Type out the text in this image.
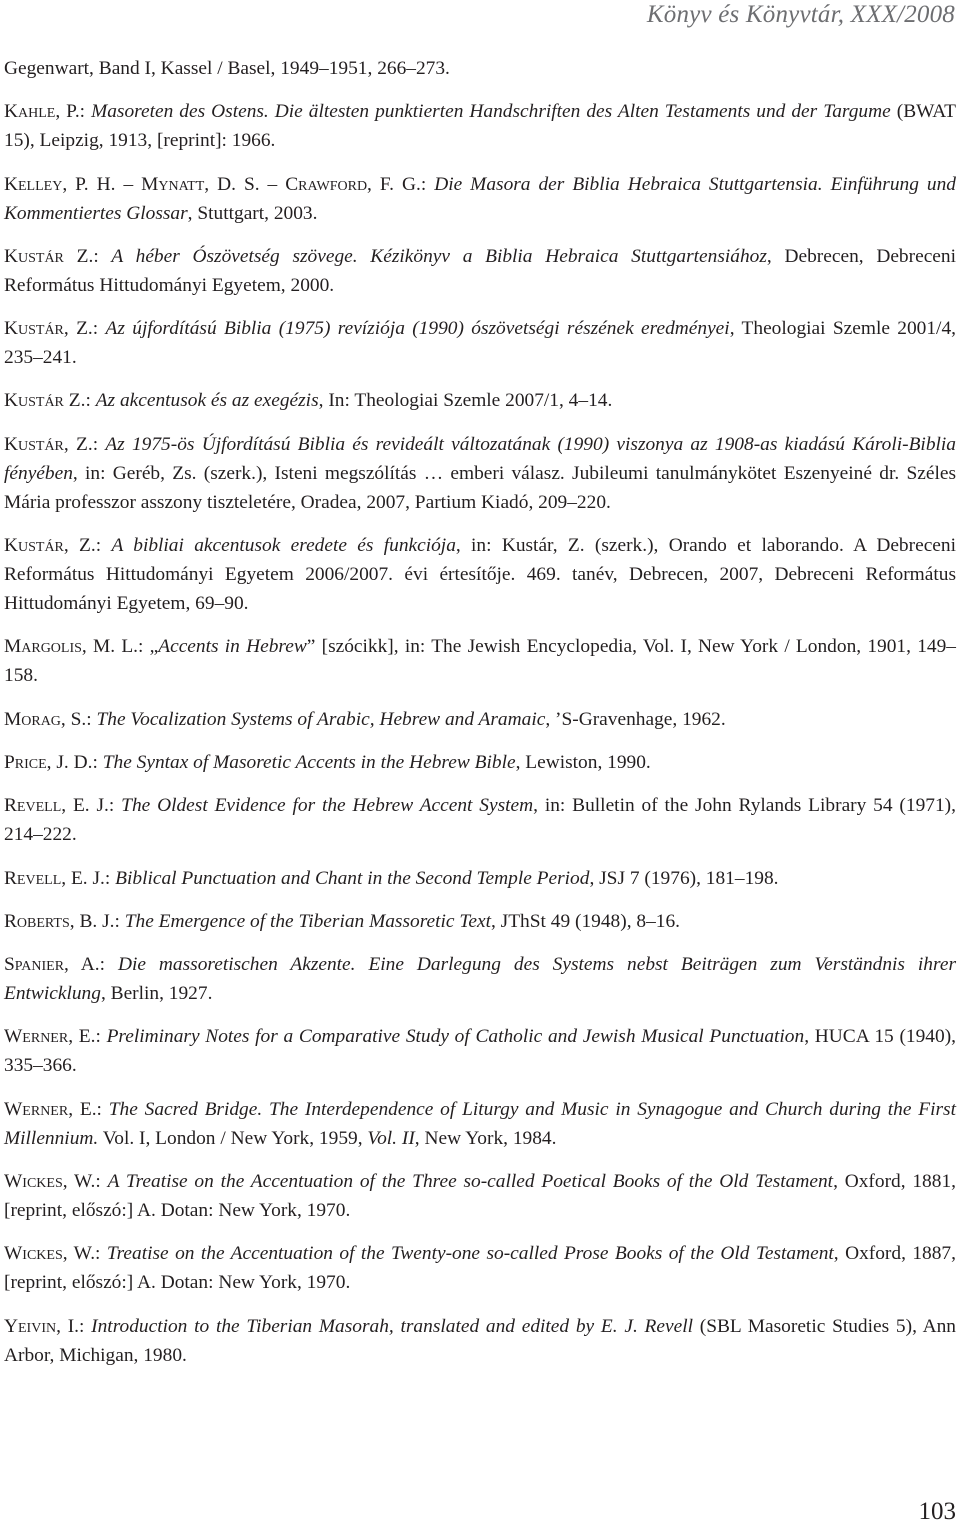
Könyv és Könyvtár, XXX/2008

Gegenwart, Band I, Kassel / Basel, 1949–1951, 266–273.

Kahle, P.: Masoreten des Ostens. Die ältesten punktierten Handschriften des Alten Testaments und der Targume (BWAT 15), Leipzig, 1913, [reprint]: 1966.

Kelley, P. H. – Mynatt, D. S. – Crawford, F. G.: Die Masora der Biblia Hebraica Stuttgartensia. Einführung und Kommentiertes Glossar, Stuttgart, 2003.

Kustár Z.: A héber Ószövetség szövege. Kézikönyv a Biblia Hebraica Stuttgartensiához, Debrecen, Debreceni Református Hittudományi Egyetem, 2000.

Kustár, Z.: Az újfordítású Biblia (1975) revíziója (1990) ószövetségi részének eredményei, Theologiai Szemle 2001/4, 235–241.

Kustár Z.: Az akcentusok és az exegézis, In: Theologiai Szemle 2007/1, 4–14.

Kustár, Z.: Az 1975-ös Újfordítású Biblia és revideált változatának (1990) viszonya az 1908-as kiadású Károli-Biblia fényében, in: Geréb, Zs. (szerk.), Isteni megszólítás … emberi válasz. Jubileumi tanulmánykötet Eszenyeiné dr. Széles Mária professzor asszony tiszteletére, Oradea, 2007, Partium Kiadó, 209–220.

Kustár, Z.: A bibliai akcentusok eredete és funkciója, in: Kustár, Z. (szerk.), Orando et laborando. A Debreceni Református Hittudományi Egyetem 2006/2007. évi értesítője. 469. tanév, Debrecen, 2007, Debreceni Református Hittudományi Egyetem, 69–90.

Margolis, M. L.: „Accents in Hebrew” [szócikk], in: The Jewish Encyclopedia, Vol. I, New York / London, 1901, 149–158.

Morag, S.: The Vocalization Systems of Arabic, Hebrew and Aramaic, ’S-Gravenhage, 1962.

Price, J. D.: The Syntax of Masoretic Accents in the Hebrew Bible, Lewiston, 1990.

Revell, E. J.: The Oldest Evidence for the Hebrew Accent System, in: Bulletin of the John Rylands Library 54 (1971), 214–222.

Revell, E. J.: Biblical Punctuation and Chant in the Second Temple Period, JSJ 7 (1976), 181–198.

Roberts, B. J.: The Emergence of the Tiberian Massoretic Text, JThSt 49 (1948), 8–16.

Spanier, A.: Die massoretischen Akzente. Eine Darlegung des Systems nebst Beiträgen zum Verständnis ihrer Entwicklung, Berlin, 1927.

Werner, E.: Preliminary Notes for a Comparative Study of Catholic and Jewish Musical Punctuation, HUCA 15 (1940), 335–366.

Werner, E.: The Sacred Bridge. The Interdependence of Liturgy and Music in Synagogue and Church during the First Millennium. Vol. I, London / New York, 1959, Vol. II, New York, 1984.

Wickes, W.: A Treatise on the Accentuation of the Three so-called Poetical Books of the Old Testament, Oxford, 1881, [reprint, előszó:] A. Dotan: New York, 1970.

Wickes, W.: Treatise on the Accentuation of the Twenty-one so-called Prose Books of the Old Testament, Oxford, 1887, [reprint, előszó:] A. Dotan: New York, 1970.

Yeivin, I.: Introduction to the Tiberian Masorah, translated and edited by E. J. Revell (SBL Masoretic Studies 5), Ann Arbor, Michigan, 1980.

103
